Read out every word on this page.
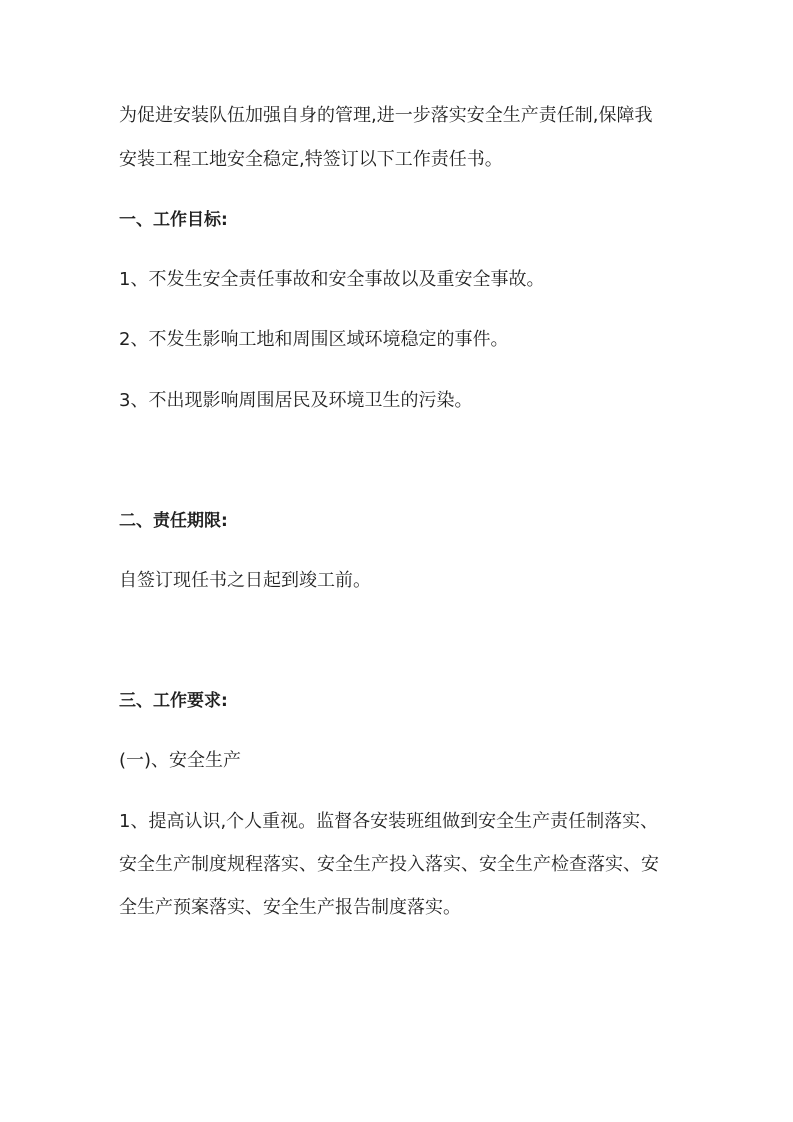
为促进安装队伍加强自身的管理,进一步落实安全生产责任制,保障我
安装工程工地安全稳定,特签订以下工作责任书。
一、工作目标:
1、不发生安全责任事故和安全事故以及重安全事故。
2、不发生影响工地和周围区域环境稳定的事件。
3、不出现影响周围居民及环境卫生的污染。
二、责任期限:
自签订现任书之日起到竣工前。
三、工作要求:
(一)、安全生产
1、提高认识,个人重视。监督各安装班组做到安全生产责任制落实、
安全生产制度规程落实、安全生产投入落实、安全生产检查落实、安
全生产预案落实、安全生产报告制度落实。
